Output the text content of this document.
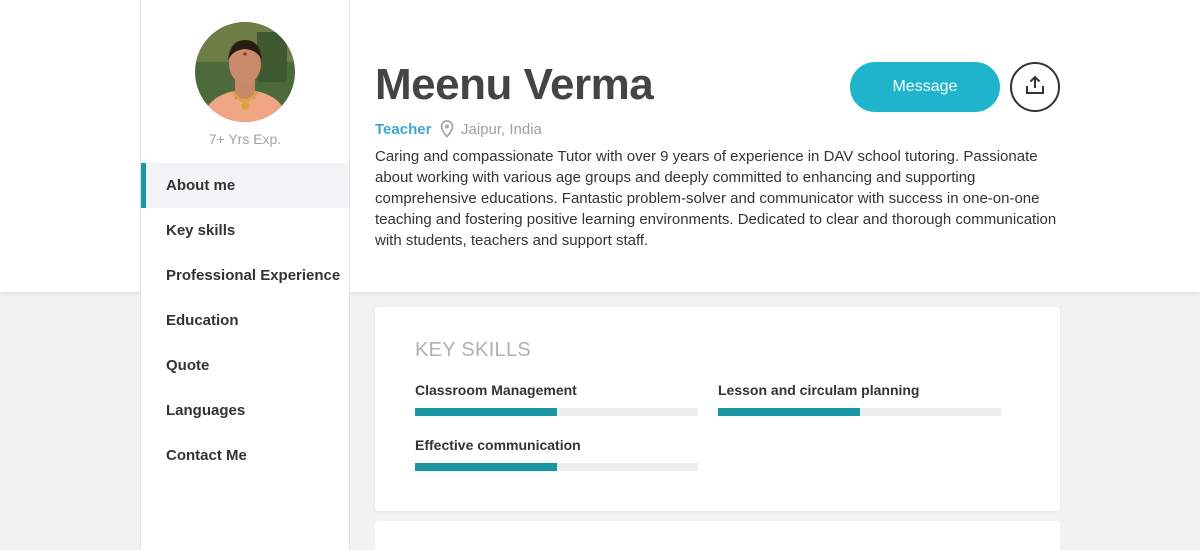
7+ Yrs Exp.
About me
Key skills
Professional Experience
Education
Quote
Languages
Contact Me
Meenu Verma
Teacher Jaipur, India

Caring and compassionate Tutor with over 9 years of experience in DAV school tutoring. Passionate about working with various age groups and deeply committed to enhancing and supporting comprehensive educations. Fantastic problem-solver and communicator with success in one-on-one teaching and fostering positive learning environments. Dedicated to clear and thorough communication with students, teachers and support staff.

Message
KEY SKILLS
Classroom Management	Lesson and circulam planning
Effective communication
